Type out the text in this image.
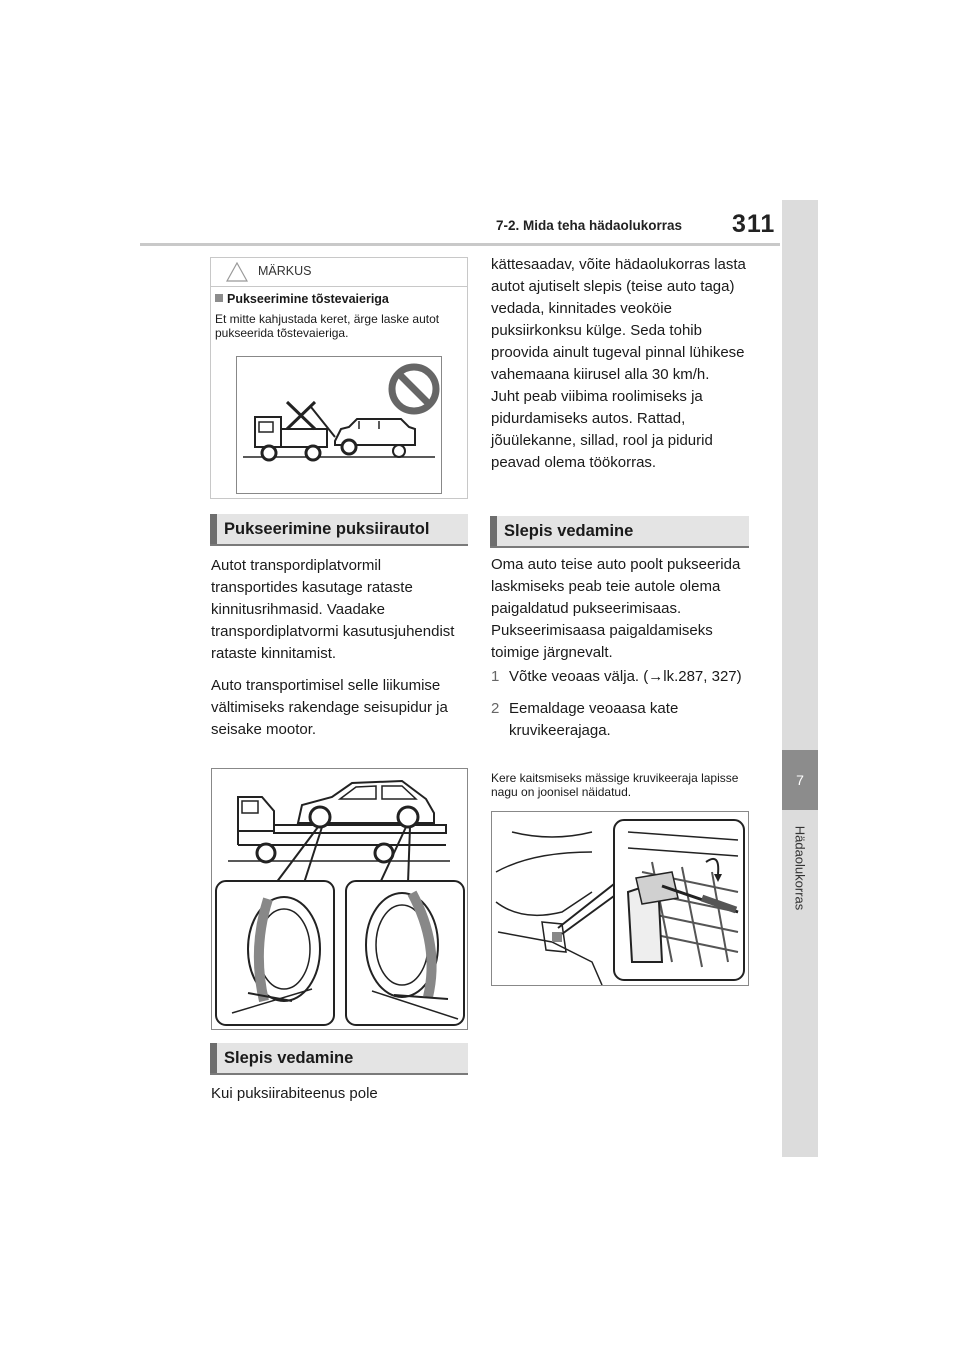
7-2. Mida teha hädaolukorras 311
7
Hädaolukorras
MÄRKUS
Pukseerimine tõstevaieriga
Et mitte kahjustada keret, ärge laske autot pukseerida tõstevaieriga.
Pukseerimine puksiirautol

Autot transpordiplatvormil transportides kasutage rataste kinnitusrihmasid. Vaadake transpordiplatvormi kasutusjuhendist rataste kinnitamist.

Auto transportimisel selle liikumise vältimiseks rakendage seisupidur ja seisake mootor.

Slepis vedamine
Kui puksiirabiteenus pole

kättesaadav, võite hädaolukorras lasta autot ajutiselt slepis (teise auto taga) vedada, kinnitades veoköie puksiirkonksu külge. Seda tohib proovida ainult tugeval pinnal lühikese vahemaana kiirusel alla 30 km/h.

Juht peab viibima roolimiseks ja pidurdamiseks autos. Rattad, jõuülekanne, sillad, rool ja pidurid peavad olema töökorras.

Slepis vedamine
Oma auto teise auto poolt pukseerida laskmiseks peab teie autole olema paigaldatud pukseerimisaas. Pukseerimisaasa paigaldamiseks toimige järgnevalt.
1 Võtke veoaas välja. (→lk.287, 327)
2 Eemaldage veoaasa kate kruvikeerajaga.
Kere kaitsmiseks mässige kruvikeeraja lapisse nagu on joonisel näidatud.
